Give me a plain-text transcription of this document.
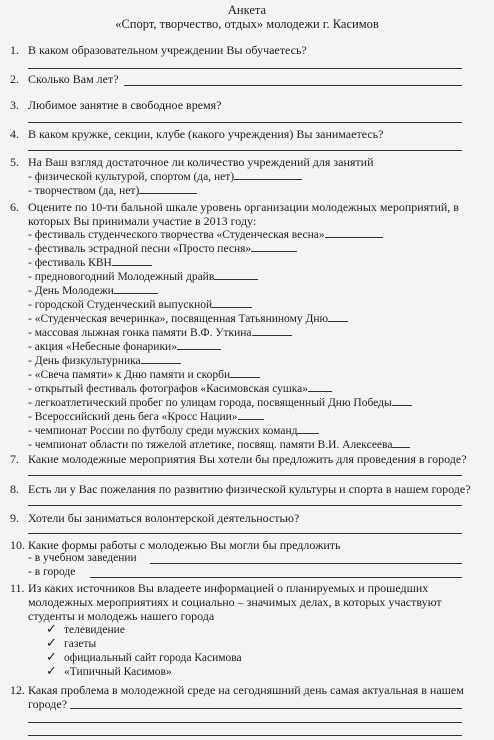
Анкета
«Спорт, творчество, отдых» молодежи г. Касимов
1. В каком образовательном учреждении Вы обучаетесь?
2. Сколько Вам лет?
3. Любимое занятие в свободное время?
4. В каком кружке, секции, клубе (какого учреждения) Вы занимаетесь?
5. На Ваш взгляд достаточное ли количество учреждений для занятий
- физической культурой, спортом (да, нет)
- творчеством (да, нет)
6. Оцените по 10-ти бальной шкале уровень организации молодежных мероприятий, в
которых Вы принимали участие в 2013 году:
- фестиваль студенческого творчества «Студенческая весна»
- фестиваль эстрадной песни «Просто песня»
- фестиваль КВН
- предновогодний Молодежный драйв
- День Молодежи
- городской Студенческий выпускной
- «Студенческая вечеринка», посвященная Татьяниному Дню
- массовая лыжная гонка памяти В.Ф. Уткина
- акция «Небесные фонарики»
- День физкультурника
- «Свеча памяти» к Дню памяти и скорби
- открытый фестиваль фотографов «Касимовская сушка»
- легкоатлетический пробег по улицам города, посвященный Дню Победы
- Всероссийский день бега «Кросс Нации»
- чемпионат России по футболу среди мужских команд
- чемпионат области по тяжелой атлетике, посвящ. памяти В.И. Алексеева
7. Какие молодежные мероприятия Вы хотели бы предложить для проведения в городе?
8. Есть ли у Вас пожелания по развитию физической культуры и спорта в нашем городе?
9. Хотели бы заниматься волонтерской деятельностью?
10. Какие формы работы с молодежью Вы могли бы предложить
- в учебном заведении
- в городе
11. Из каких источников Вы владеете информацией о планируемых и прошедших
молодежных мероприятиях и социально – значимых делах, в которых участвуют
студенты и молодежь нашего города
✓ телевидение
✓ газеты
✓ официальный сайт города Касимова
✓ «Типичный Касимов»
12. Какая проблема в молодежной среде на сегодняшний день самая актуальная в нашем
городе?
